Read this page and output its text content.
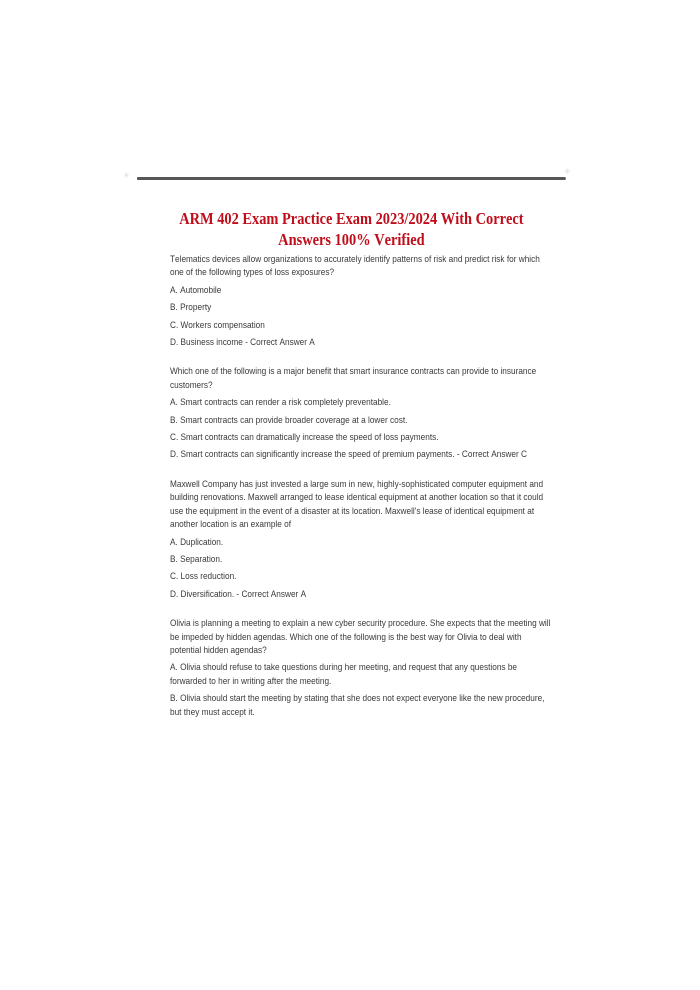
✳	✳
ARM 402 Exam Practice Exam 2023/2024 With Correct
Answers 100% Verified

Telematics devices allow organizations to accurately identify patterns of risk and predict risk for which one of the following types of loss exposures?

A. Automobile

B. Property

C. Workers compensation

D. Business income - Correct Answer A

Which one of the following is a major benefit that smart insurance contracts can provide to insurance customers?

A. Smart contracts can render a risk completely preventable.

B. Smart contracts can provide broader coverage at a lower cost.

C. Smart contracts can dramatically increase the speed of loss payments.

D. Smart contracts can significantly increase the speed of premium payments. - Correct Answer C

Maxwell Company has just invested a large sum in new, highly-sophisticated computer equipment and building renovations. Maxwell arranged to lease identical equipment at another location so that it could use the equipment in the event of a disaster at its location. Maxwell's lease of identical equipment at another location is an example of

A. Duplication.

B. Separation.

C. Loss reduction.

D. Diversification. - Correct Answer A

Olivia is planning a meeting to explain a new cyber security procedure. She expects that the meeting will be impeded by hidden agendas. Which one of the following is the best way for Olivia to deal with potential hidden agendas?

A. Olivia should refuse to take questions during her meeting, and request that any questions be forwarded to her in writing after the meeting.

B. Olivia should start the meeting by stating that she does not expect everyone like the new procedure, but they must accept it.
